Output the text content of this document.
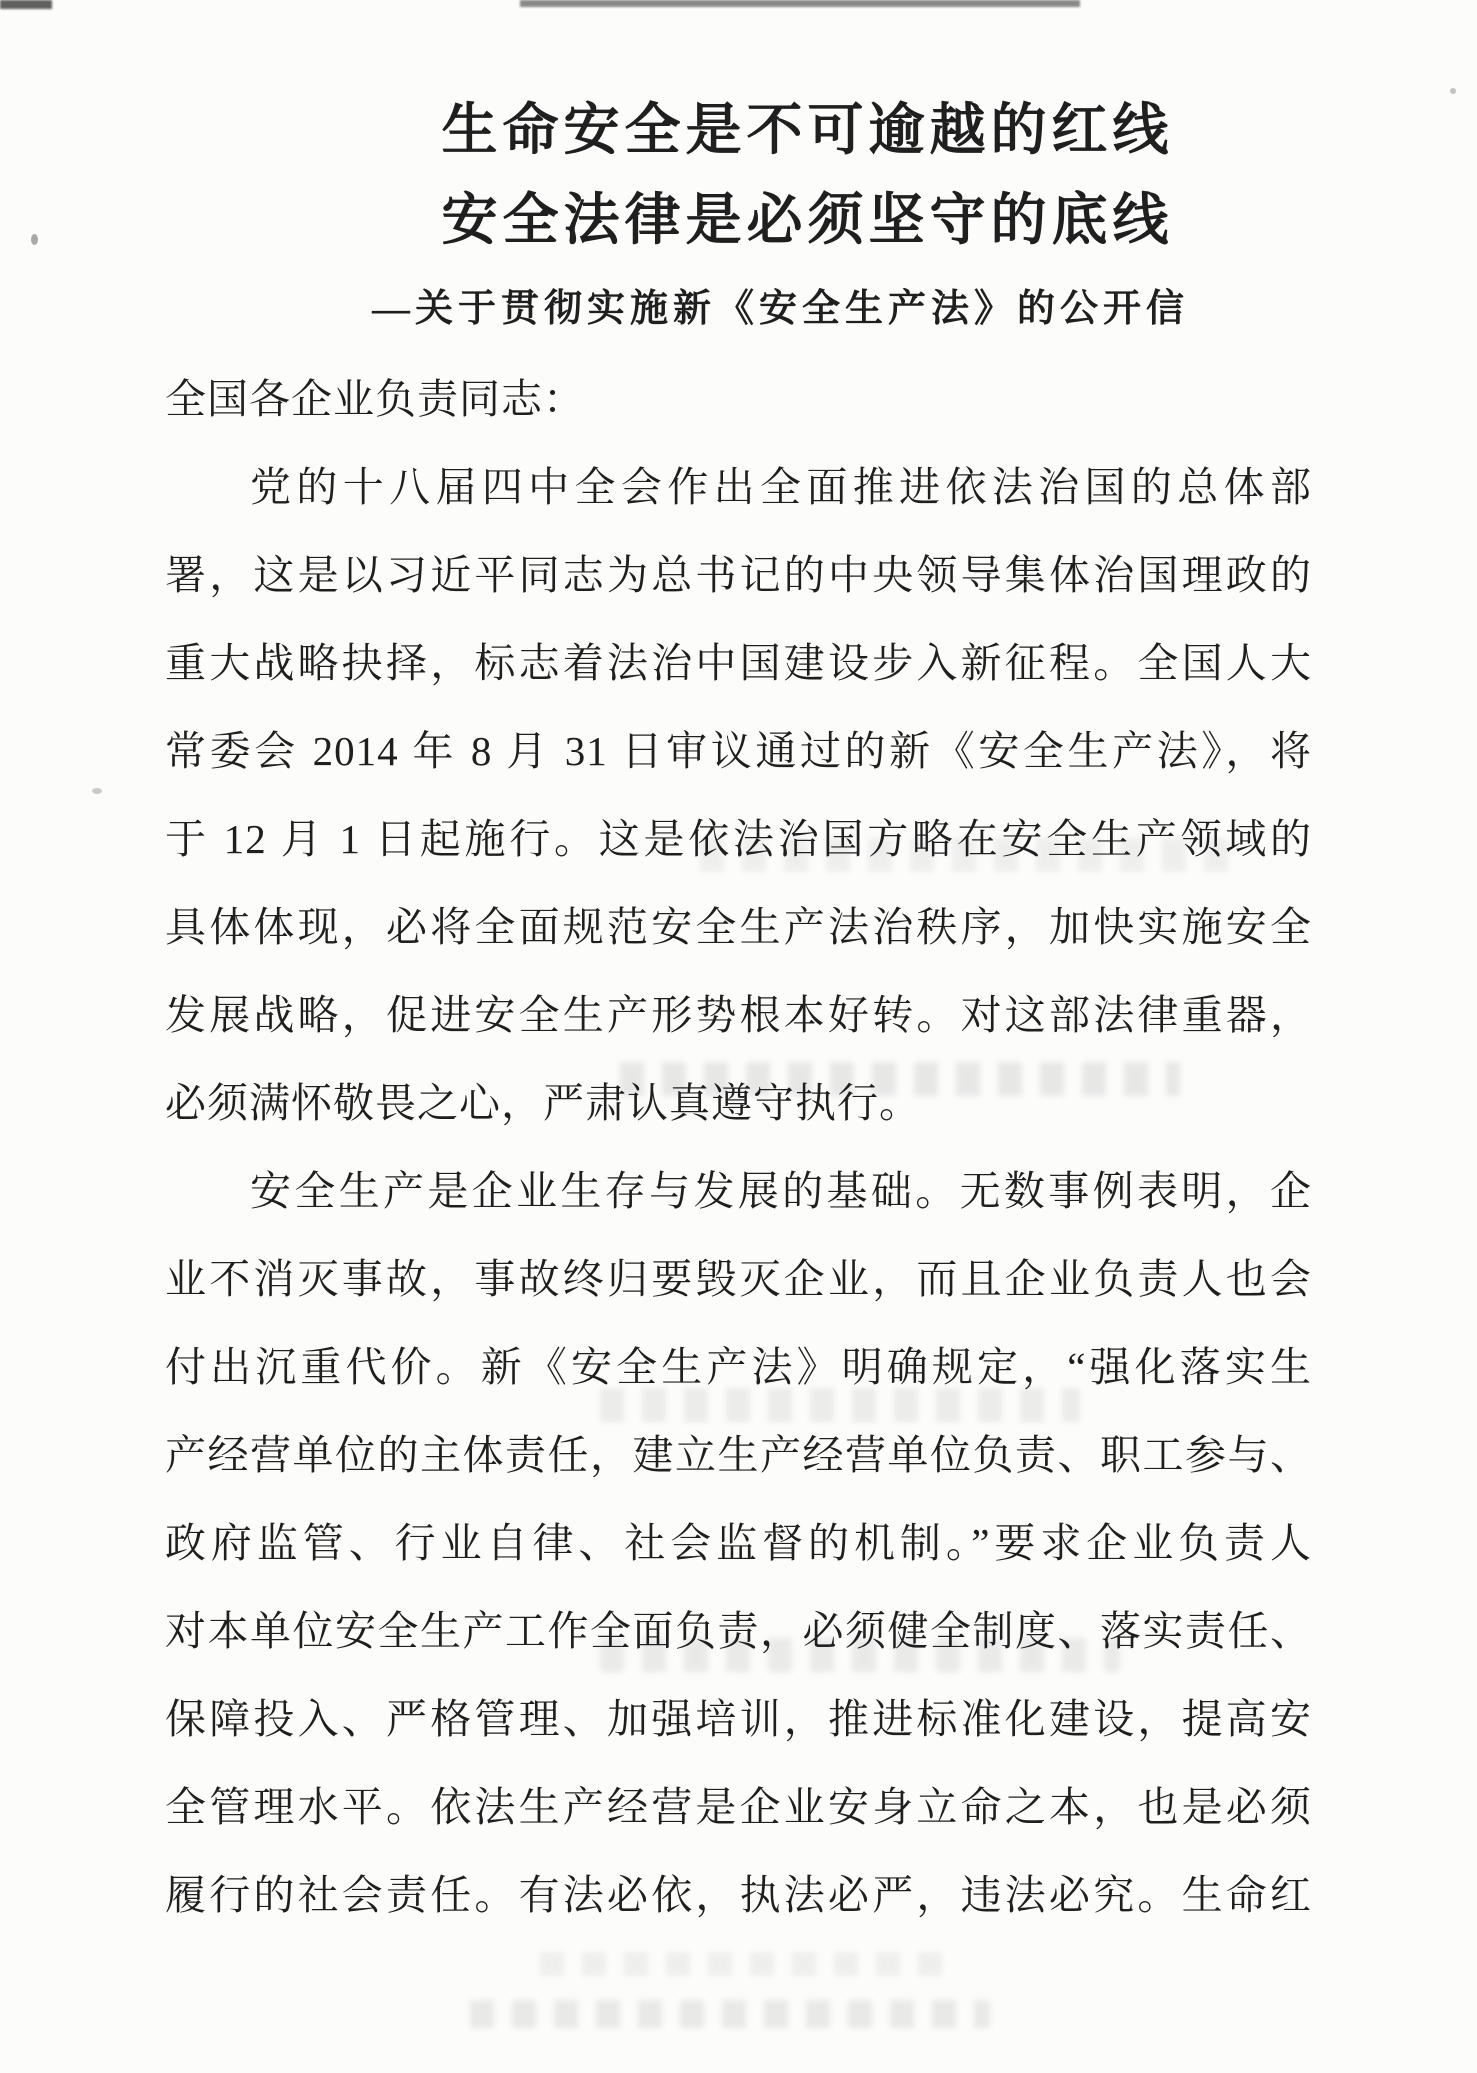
生命安全是不可逾越的红线
安全法律是必须坚守的底线
—关于贯彻实施新《安全生产法》的公开信
全国各企业负责同志：
党的十八届四中全会作出全面推进依法治国的总体部
署，这是以习近平同志为总书记的中央领导集体治国理政的
重大战略抉择，标志着法治中国建设步入新征程。全国人大
常委会 2014 年 8 月 31 日审议通过的新《安全生产法》，将
于 12 月 1 日起施行。这是依法治国方略在安全生产领域的
具体体现，必将全面规范安全生产法治秩序，加快实施安全
发展战略，促进安全生产形势根本好转。对这部法律重器，
必须满怀敬畏之心，严肃认真遵守执行。
安全生产是企业生存与发展的基础。无数事例表明，企
业不消灭事故，事故终归要毁灭企业，而且企业负责人也会
付出沉重代价。新《安全生产法》明确规定，“强化落实生
产经营单位的主体责任，建立生产经营单位负责、职工参与、
政府监管、行业自律、社会监督的机制。”要求企业负责人
对本单位安全生产工作全面负责，必须健全制度、落实责任、
保障投入、严格管理、加强培训，推进标准化建设，提高安
全管理水平。依法生产经营是企业安身立命之本，也是必须
履行的社会责任。有法必依，执法必严，违法必究。生命红
